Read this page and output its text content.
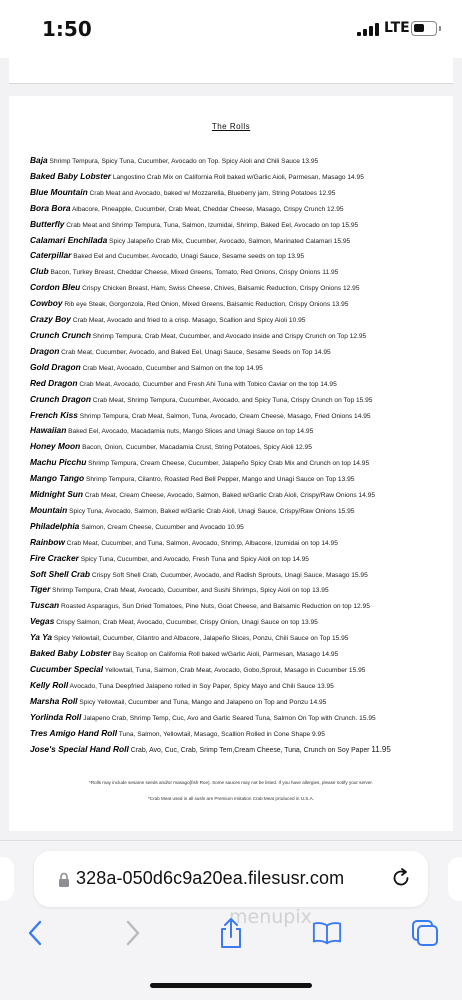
1:50	LTE
The Rolls
Baja Shrimp Tempura, Spicy Tuna, Cucumber, Avocado on Top. Spicy Aioli and Chili Sauce 13.95
Baked Baby Lobster Langostino Crab Mix on California Roll baked w/Garlic Aioli, Parmesan, Masago 14.95
Blue Mountain Crab Meat and Avocado, baked w/ Mozzarella, Blueberry jam, String Potatoes 12.95
Bora Bora Albacore, Pineapple, Cucumber, Crab Meat, Cheddar Cheese, Masago, Crispy Crunch 12.95
Butterfly Crab Meat and Shrimp Tempura, Tuna, Salmon, Izumidai, Shrimp, Baked Eel, Avocado on top 15.95
Calamari Enchilada Spicy Jalapeño Crab Mix, Cucumber, Avocado, Salmon, Marinated Calamari 15.95
Caterpillar Baked Eel and Cucumber, Avocado, Unagi Sauce, Sesame seeds on top 13.95
Club Bacon, Turkey Breast, Cheddar Cheese, Mixed Greens, Tomato, Red Onions, Crispy Onions 11.95
Cordon Bleu Crispy Chicken Breast, Ham, Swiss Cheese, Chives, Balsamic Reduction, Crispy Onions 12.95
Cowboy Rib eye Steak, Gorgonzola, Red Onion, Mixed Greens, Balsamic Reduction, Crispy Onions 13.95
Crazy Boy Crab Meat, Avocado and fried to a crisp. Masago, Scallion and Spicy Aioli 10.95
Crunch Crunch Shrimp Tempura, Crab Meat, Cucumber, and Avocado inside and Crispy Crunch on Top 12.95
Dragon Crab Meat, Cucumber, Avocado, and Baked Eel, Unagi Sauce, Sesame Seeds on Top 14.95
Gold Dragon Crab Meat, Avocado, Cucumber and Salmon on the top 14.95
Red Dragon Crab Meat, Avocado, Cucumber and Fresh Ahi Tuna with Tobico Caviar on the top 14.95
Crunch Dragon Crab Meat, Shrimp Tempura, Cucumber, Avocado, and Spicy Tuna, Crispy Crunch on Top 15.95
French Kiss Shrimp Tempura, Crab Meat, Salmon, Tuna, Avocado, Cream Cheese, Masago, Fried Onions 14.95
Hawaiian Baked Eel, Avocado, Macadamia nuts, Mango Slices and Unagi Sauce on top 14.95
Honey Moon Bacon, Onion, Cucumber, Macadamia Crust, String Potatoes, Spicy Aioli 12.95
Machu Picchu Shrimp Tempura, Cream Cheese, Cucumber, Jalapeño Spicy Crab Mix and Crunch on top 14.95
Mango Tango Shrimp Tempura, Cilantro, Roasted Red Bell Pepper, Mango and Unagi Sauce on Top 13.95
Midnight Sun Crab Meat, Cream Cheese, Avocado, Salmon, Baked w/Garlic Crab Aioli, Crispy/Raw Onions 14.95
Mountain Spicy Tuna, Avocado, Salmon, Baked w/Garlic Crab Aioli, Unagi Sauce, Crispy/Raw Onions 15.95
Philadelphia Salmon, Cream Cheese, Cucumber and Avocado 10.95
Rainbow Crab Meat, Cucumber, and Tuna, Salmon, Avocado, Shrimp, Albacore, Izumidai on top 14.95
Fire Cracker Spicy Tuna, Cucumber, and Avocado, Fresh Tuna and Spicy Aioli on top 14.95
Soft Shell Crab Crispy Soft Shell Crab, Cucumber, Avocado, and Radish Sprouts, Unagi Sauce, Masago 15.95
Tiger Shrimp Tempura, Crab Meat, Avocado, Cucumber, and Sushi Shrimps, Spicy Aioli on top 13.95
Tuscan Roasted Asparagus, Sun Dried Tomatoes, Pine Nuts, Goat Cheese, and Balsamic Reduction on top 12.95
Vegas Crispy Salmon, Crab Meat, Avocado, Cucumber, Crispy Onion, Unagi Sauce on top 13.95
Ya Ya Spicy Yellowtail, Cucumber, Cilantro and Albacore, Jalapeño Slices, Ponzu, Chili Sauce on Top 15.95
Baked Baby Lobster Bay Scallop on California Roll baked w/Garlic Aioli, Parmesan, Masago 14.95
Cucumber Special Yellowtail, Tuna, Salmon, Crab Meat, Avocado, Gobo,Sprout, Masago in Cucumber 15.95
Kelly Roll Avocado, Tuna Deepfried Jalapeno rolled in Soy Paper, Spicy Mayo and Chili Sauce 13.95
Marsha Roll Spicy Yellowtail, Cucumber and Tuna, Mango and Jalapeno on Top and Ponzu 14.95
Yorlinda Roll Jalapeno Crab, Shrimp Temp, Cuc, Avo and Garlic Seared Tuna, Salmon On Top with Crunch. 15.95
Tres Amigo Hand Roll Tuna, Salmon, Yellowtail, Masago, Scallion Rolled in Cone Shape 9.95
Jose's Special Hand Roll Crab, Avo, Cuc, Crab, Srimp Tem,Cream Cheese, Tuna, Crunch on Soy Paper 11.95
*Rolls may include sesame seeds and/or masago(fish Roe). Some sauces may not be listed. If you have allergies, please notify your server.
*Crab Meat used in all sushi are Premium Imitation Crab Meat produced in U.S.A.
328a-050d6c9a20ea.filesusr.com
menupix
